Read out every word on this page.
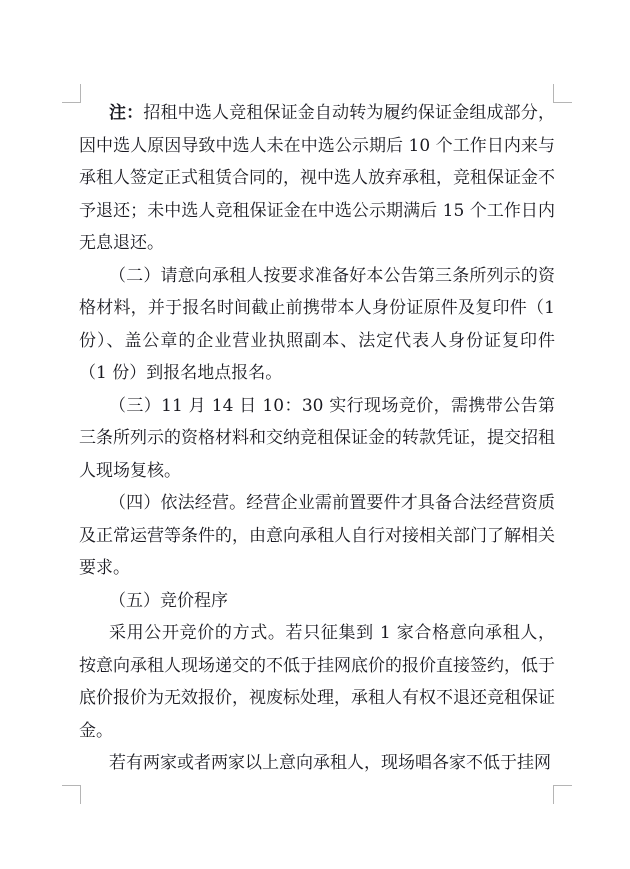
注：招租中选人竞租保证金自动转为履约保证金组成部分，因中选人原因导致中选人未在中选公示期后 10 个工作日内来与承租人签定正式租赁合同的，视中选人放弃承租，竞租保证金不予退还；未中选人竞租保证金在中选公示期满后 15 个工作日内无息退还。

（二）请意向承租人按要求准备好本公告第三条所列示的资格材料，并于报名时间截止前携带本人身份证原件及复印件（1 份）、盖公章的企业营业执照副本、法定代表人身份证复印件（1 份）到报名地点报名。

（三）11 月 14 日 10：30 实行现场竞价，需携带公告第三条所列示的资格材料和交纳竞租保证金的转款凭证，提交招租人现场复核。

（四）依法经营。经营企业需前置要件才具备合法经营资质及正常运营等条件的，由意向承租人自行对接相关部门了解相关要求。

（五）竞价程序

采用公开竞价的方式。若只征集到 1 家合格意向承租人，按意向承租人现场递交的不低于挂网底价的报价直接签约，低于底价报价为无效报价，视废标处理，承租人有权不退还竞租保证金。

若有两家或者两家以上意向承租人，现场唱各家不低于挂网
